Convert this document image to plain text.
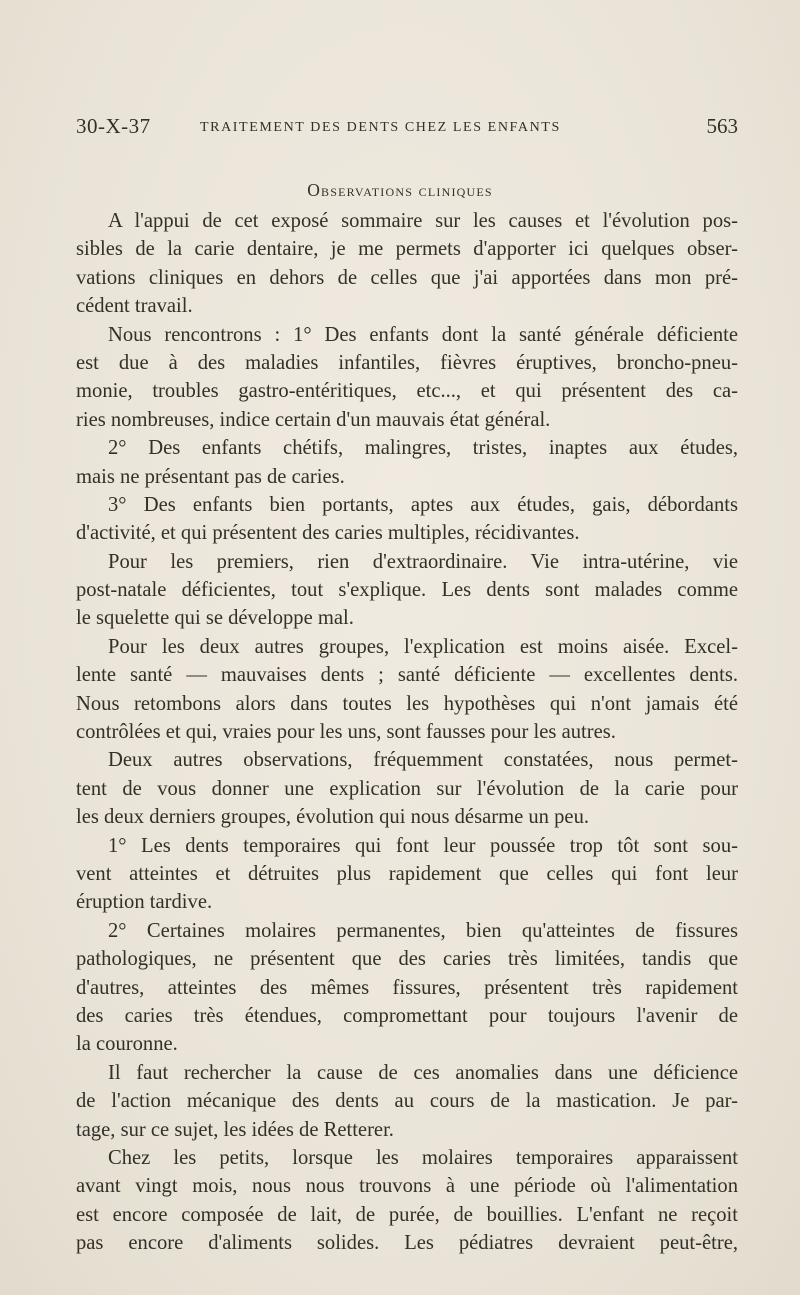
30-X-37	TRAITEMENT DES DENTS CHEZ LES ENFANTS	563
Observations cliniques
A l'appui de cet exposé sommaire sur les causes et l'évolution pos-
sibles de la carie dentaire, je me permets d'apporter ici quelques obser-
vations cliniques en dehors de celles que j'ai apportées dans mon pré-
cédent travail.
Nous rencontrons : 1° Des enfants dont la santé générale déficiente
est due à des maladies infantiles, fièvres éruptives, broncho-pneu-
monie, troubles gastro-entéritiques, etc..., et qui présentent des ca-
ries nombreuses, indice certain d'un mauvais état général.
2° Des enfants chétifs, malingres, tristes, inaptes aux études,
mais ne présentant pas de caries.
3° Des enfants bien portants, aptes aux études, gais, débordants
d'activité, et qui présentent des caries multiples, récidivantes.
Pour les premiers, rien d'extraordinaire. Vie intra-utérine, vie
post-natale déficientes, tout s'explique. Les dents sont malades comme
le squelette qui se développe mal.
Pour les deux autres groupes, l'explication est moins aisée. Excel-
lente santé — mauvaises dents ; santé déficiente — excellentes dents.
Nous retombons alors dans toutes les hypothèses qui n'ont jamais été
contrôlées et qui, vraies pour les uns, sont fausses pour les autres.
Deux autres observations, fréquemment constatées, nous permet-
tent de vous donner une explication sur l'évolution de la carie pour
les deux derniers groupes, évolution qui nous désarme un peu.
1° Les dents temporaires qui font leur poussée trop tôt sont sou-
vent atteintes et détruites plus rapidement que celles qui font leur
éruption tardive.
2° Certaines molaires permanentes, bien qu'atteintes de fissures
pathologiques, ne présentent que des caries très limitées, tandis que
d'autres, atteintes des mêmes fissures, présentent très rapidement
des caries très étendues, compromettant pour toujours l'avenir de
la couronne.
Il faut rechercher la cause de ces anomalies dans une déficience
de l'action mécanique des dents au cours de la mastication. Je par-
tage, sur ce sujet, les idées de Retterer.
Chez les petits, lorsque les molaires temporaires apparaissent
avant vingt mois, nous nous trouvons à une période où l'alimentation
est encore composée de lait, de purée, de bouillies. L'enfant ne reçoit
pas encore d'aliments solides. Les pédiatres devraient peut-être,
